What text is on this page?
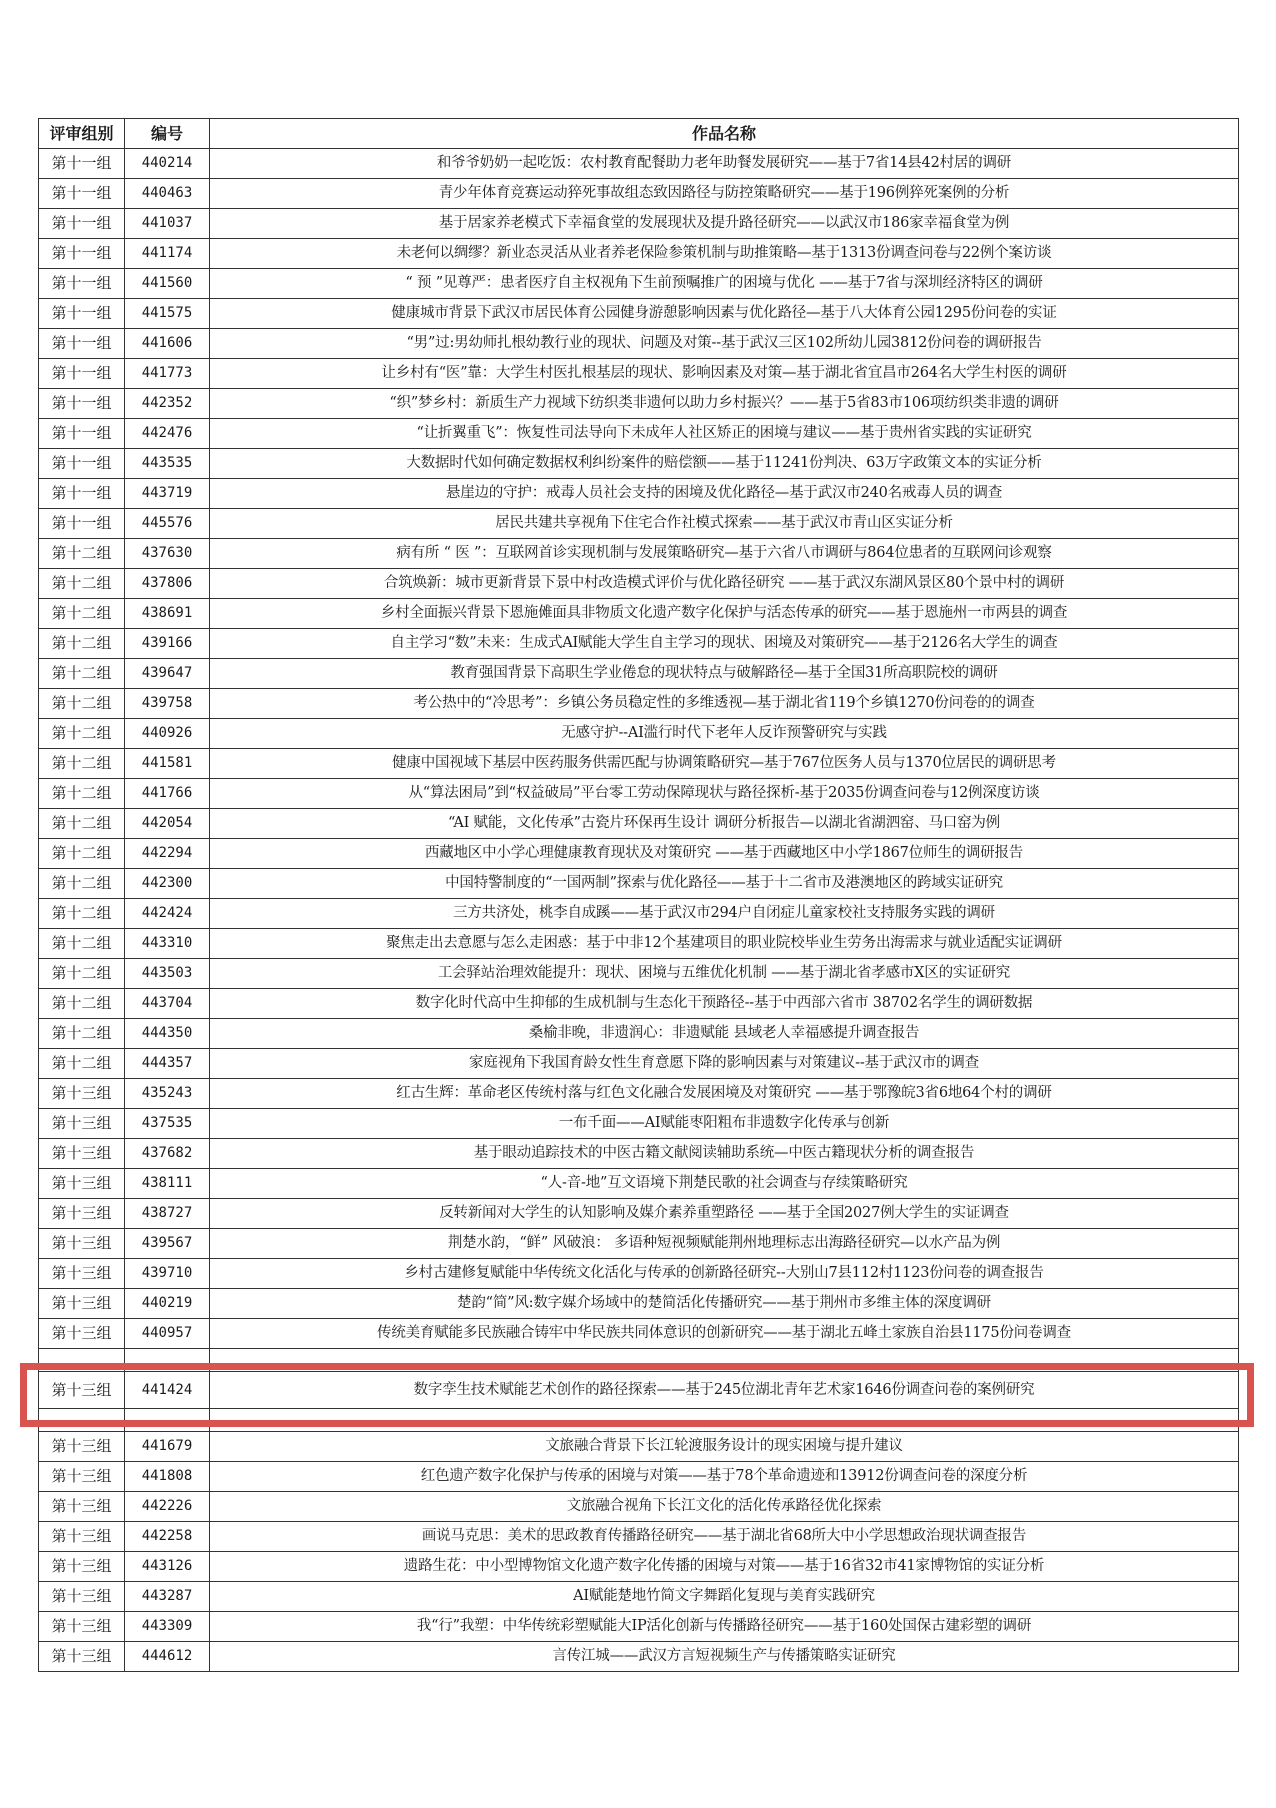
评审组别	编号	作品名称
第十一组	440214	和爷爷奶奶一起吃饭：农村教育配餐助力老年助餐发展研究——基于7省14县42村居的调研
第十一组	440463	青少年体育竞赛运动猝死事故组态致因路径与防控策略研究——基于196例猝死案例的分析
第十一组	441037	基于居家养老模式下幸福食堂的发展现状及提升路径研究——以武汉市186家幸福食堂为例
第十一组	441174	未老何以绸缪？新业态灵活从业者养老保险参策机制与助推策略—基于1313份调查问卷与22例个案访谈
第十一组	441560	“ 预 ”见尊严：患者医疗自主权视角下生前预嘱推广的困境与优化 ——基于7省与深圳经济特区的调研
第十一组	441575	健康城市背景下武汉市居民体育公园健身游憩影响因素与优化路径—基于八大体育公园1295份问卷的实证
第十一组	441606	“男”过:男幼师扎根幼教行业的现状、问题及对策--基于武汉三区102所幼儿园3812份问卷的调研报告
第十一组	441773	让乡村有“医”靠：大学生村医扎根基层的现状、影响因素及对策—基于湖北省宜昌市264名大学生村医的调研
第十一组	442352	“织”梦乡村：新质生产力视域下纺织类非遗何以助力乡村振兴？——基于5省83市106项纺织类非遗的调研
第十一组	442476	“让折翼重飞”：恢复性司法导向下未成年人社区矫正的困境与建议——基于贵州省实践的实证研究
第十一组	443535	大数据时代如何确定数据权利纠纷案件的赔偿额——基于11241份判决、63万字政策文本的实证分析
第十一组	443719	悬崖边的守护：戒毒人员社会支持的困境及优化路径—基于武汉市240名戒毒人员的调查
第十一组	445576	居民共建共享视角下住宅合作社模式探索——基于武汉市青山区实证分析
第十二组	437630	病有所 “ 医 ”：互联网首诊实现机制与发展策略研究—基于六省八市调研与864位患者的互联网问诊观察
第十二组	437806	合筑焕新：城市更新背景下景中村改造模式评价与优化路径研究 ——基于武汉东湖风景区80个景中村的调研
第十二组	438691	乡村全面振兴背景下恩施傩面具非物质文化遗产数字化保护与活态传承的研究——基于恩施州一市两县的调查
第十二组	439166	自主学习“数”未来：生成式AI赋能大学生自主学习的现状、困境及对策研究——基于2126名大学生的调查
第十二组	439647	教育强国背景下高职生学业倦怠的现状特点与破解路径—基于全国31所高职院校的调研
第十二组	439758	考公热中的“冷思考”：乡镇公务员稳定性的多维透视—基于湖北省119个乡镇1270份问卷的的调查
第十二组	440926	无感守护--AI滥行时代下老年人反诈预警研究与实践
第十二组	441581	健康中国视域下基层中医药服务供需匹配与协调策略研究—基于767位医务人员与1370位居民的调研思考
第十二组	441766	从“算法困局”到“权益破局”平台零工劳动保障现状与路径探析-基于2035份调查问卷与12例深度访谈
第十二组	442054	“AI 赋能，文化传承”古瓷片环保再生设计 调研分析报告—以湖北省湖泗窑、马口窑为例
第十二组	442294	西藏地区中小学心理健康教育现状及对策研究 ——基于西藏地区中小学1867位师生的调研报告
第十二组	442300	中国特警制度的“一国两制”探索与优化路径——基于十二省市及港澳地区的跨域实证研究
第十二组	442424	三方共济处，桃李自成蹊——基于武汉市294户自闭症儿童家校社支持服务实践的调研
第十二组	443310	聚焦走出去意愿与怎么走困惑：基于中非12个基建项目的职业院校毕业生劳务出海需求与就业适配实证调研
第十二组	443503	工会驿站治理效能提升：现状、困境与五维优化机制 ——基于湖北省孝感市X区的实证研究
第十二组	443704	数字化时代高中生抑郁的生成机制与生态化干预路径--基于中西部六省市 38702名学生的调研数据
第十二组	444350	桑榆非晚，非遗润心：非遗赋能 县域老人幸福感提升调查报告
第十二组	444357	家庭视角下我国育龄女性生育意愿下降的影响因素与对策建议--基于武汉市的调查
第十三组	435243	红古生辉：革命老区传统村落与红色文化融合发展困境及对策研究 ——基于鄂豫皖3省6地64个村的调研
第十三组	437535	一布千面——AI赋能枣阳粗布非遗数字化传承与创新
第十三组	437682	基于眼动追踪技术的中医古籍文献阅读辅助系统—中医古籍现状分析的调查报告
第十三组	438111	“人-音-地”互文语境下荆楚民歌的社会调查与存续策略研究
第十三组	438727	反转新闻对大学生的认知影响及媒介素养重塑路径 ——基于全国2027例大学生的实证调查
第十三组	439567	荆楚水韵，“鲜” 风破浪： 多语种短视频赋能荆州地理标志出海路径研究—以水产品为例
第十三组	439710	乡村古建修复赋能中华传统文化活化与传承的创新路径研究--大别山7县112村1123份问卷的调查报告
第十三组	440219	楚韵“简”风:数字媒介场域中的楚简活化传播研究——基于荆州市多维主体的深度调研
第十三组	440957	传统美育赋能多民族融合铸牢中华民族共同体意识的创新研究——基于湖北五峰土家族自治县1175份问卷调查

第十三组	441424	数字孪生技术赋能艺术创作的路径探索——基于245位湖北青年艺术家1646份调查问卷的案例研究

第十三组	441679	文旅融合背景下长江轮渡服务设计的现实困境与提升建议
第十三组	441808	红色遗产数字化保护与传承的困境与对策——基于78个革命遗迹和13912份调查问卷的深度分析
第十三组	442226	文旅融合视角下长江文化的活化传承路径优化探索
第十三组	442258	画说马克思：美术的思政教育传播路径研究——基于湖北省68所大中小学思想政治现状调查报告
第十三组	443126	遗路生花：中小型博物馆文化遗产数字化传播的困境与对策——基于16省32市41家博物馆的实证分析
第十三组	443287	AI赋能楚地竹简文字舞蹈化复现与美育实践研究
第十三组	443309	我“行”我塑：中华传统彩塑赋能大IP活化创新与传播路径研究——基于160处国保古建彩塑的调研
第十三组	444612	言传江城——武汉方言短视频生产与传播策略实证研究
